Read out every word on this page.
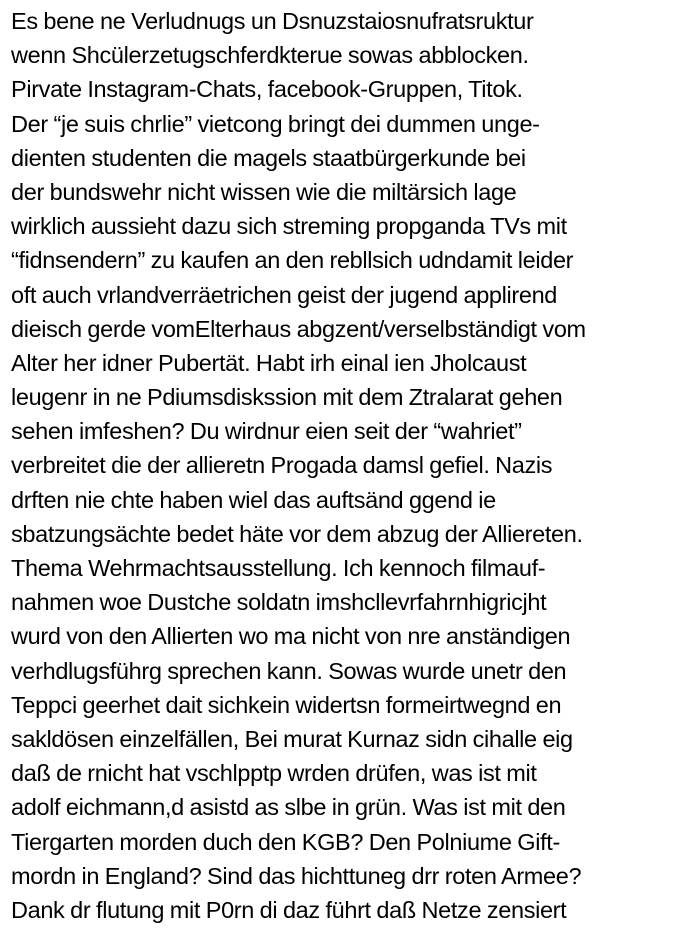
Es bene ne Verludnugs un Dsnuzstaiosnufratsruktur
wenn Shcülerzetugschferdkterue sowas abblocken.
Pirvate Instagram-Chats, facebook-Gruppen, Titok.
Der “je suis chrlie” vietcong bringt dei dummen unge-
dienten studenten die magels staatbürgerkunde bei
der bundswehr nicht wissen wie die miltärsich lage
wirklich aussieht dazu sich streming propganda TVs mit
“fidnsendern” zu kaufen an den rebllsich udndamit leider
oft auch vrlandverräetrichen geist der jugend applirend
dieisch gerde vomElterhaus abgzent/verselbständigt vom
Alter her idner Pubertät. Habt irh einal ien Jholcaust
leugenr in ne Pdiumsdiskssion mit dem Ztralarat gehen
sehen imfeshen? Du wirdnur eien seit der “wahriet”
verbreitet die der allieretn Progada damsl gefiel. Nazis
drften nie chte haben wiel das auftsänd ggend ie
sbatzungsächte bedet häte vor dem abzug der Alliereten.
Thema Wehrmachtsausstellung. Ich kennoch filmauf-
nahmen woe Dustche soldatn imshcllevrfahrnhigricjht
wurd von den Allierten wo ma nicht von nre anständigen
verhdlugsführg sprechen kann. Sowas wurde unetr den
Teppci geerhet dait sichkein widertsn formeirtwegnd en
sakldösen einzelfällen, Bei murat Kurnaz sidn cihalle eig
daß de rnicht hat vschlpptp wrden drüfen, was ist mit
adolf eichmann,d asistd as slbe in grün. Was ist mit den
Tiergarten morden duch den KGB? Den Polniume Gift-
mordn in England? Sind das hichttuneg drr roten Armee?
Dank dr flutung mit P0rn di daz führt daß Netze zensiert
